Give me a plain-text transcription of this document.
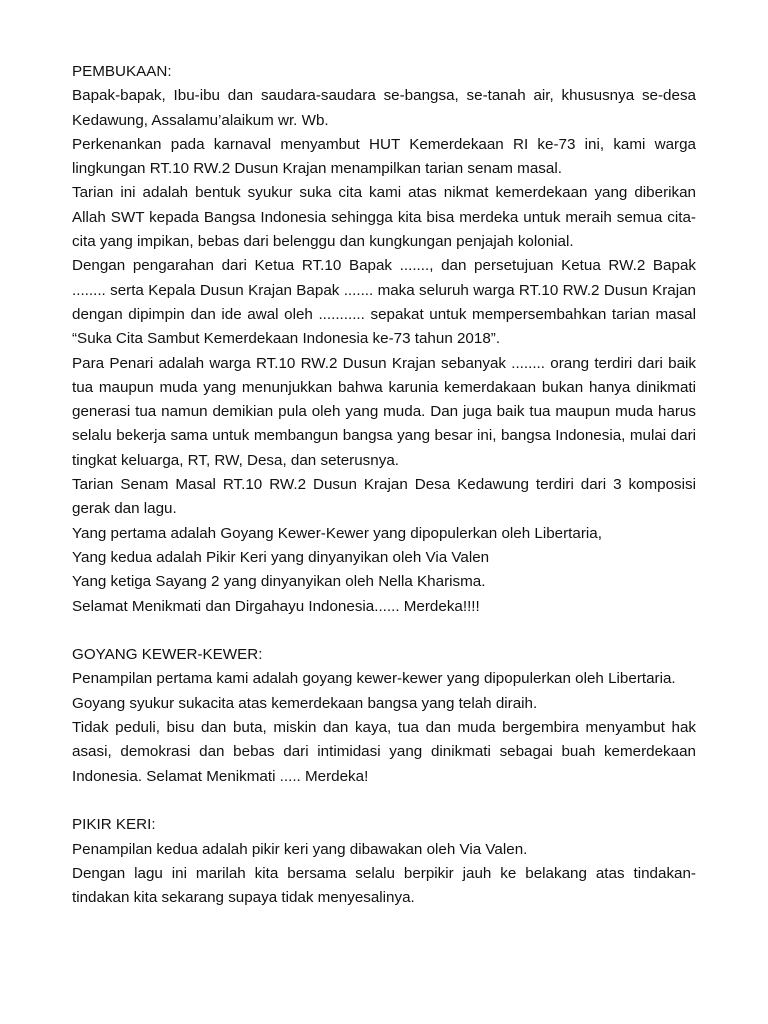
PEMBUKAAN:

Bapak-bapak, Ibu-ibu dan saudara-saudara se-bangsa, se-tanah air, khususnya se-desa Kedawung, Assalamu’alaikum wr. Wb.

Perkenankan pada karnaval menyambut HUT Kemerdekaan RI ke-73 ini, kami warga lingkungan RT.10 RW.2 Dusun Krajan menampilkan tarian senam masal.

Tarian ini adalah bentuk syukur suka cita kami atas nikmat kemerdekaan yang diberikan Allah SWT kepada Bangsa Indonesia sehingga kita bisa merdeka untuk meraih semua cita-cita yang impikan, bebas dari belenggu dan kungkungan penjajah kolonial.

Dengan pengarahan dari Ketua RT.10 Bapak ......., dan persetujuan Ketua RW.2 Bapak ........ serta Kepala Dusun Krajan Bapak ....... maka seluruh warga RT.10 RW.2 Dusun Krajan dengan dipimpin dan ide awal oleh ........... sepakat untuk mempersembahkan tarian masal “Suka Cita Sambut Kemerdekaan Indonesia ke-73 tahun 2018”.

Para Penari adalah warga RT.10 RW.2 Dusun Krajan sebanyak ........ orang terdiri dari baik tua maupun muda yang menunjukkan bahwa karunia kemerdakaan bukan hanya dinikmati generasi tua namun demikian pula oleh yang muda. Dan juga baik tua maupun muda harus selalu bekerja sama untuk membangun bangsa yang besar ini, bangsa Indonesia, mulai dari tingkat keluarga, RT, RW, Desa, dan seterusnya.

Tarian Senam Masal RT.10 RW.2 Dusun Krajan Desa Kedawung terdiri dari 3 komposisi gerak dan lagu.

Yang pertama adalah Goyang Kewer-Kewer yang dipopulerkan oleh Libertaria,

Yang kedua adalah Pikir Keri yang dinyanyikan oleh Via Valen

Yang ketiga Sayang 2 yang dinyanyikan oleh Nella Kharisma.

Selamat Menikmati dan Dirgahayu Indonesia...... Merdeka!!!!

GOYANG KEWER-KEWER:

Penampilan pertama kami adalah goyang kewer-kewer yang dipopulerkan oleh Libertaria.

Goyang syukur sukacita atas kemerdekaan bangsa yang telah diraih.

Tidak peduli, bisu dan buta, miskin dan kaya, tua dan muda bergembira menyambut hak asasi, demokrasi dan bebas dari intimidasi yang dinikmati sebagai buah kemerdekaan Indonesia. Selamat Menikmati ..... Merdeka!

PIKIR KERI:

Penampilan kedua adalah pikir keri yang dibawakan oleh Via Valen.

Dengan lagu ini marilah kita bersama selalu berpikir jauh ke belakang atas tindakan-tindakan kita sekarang supaya tidak menyesalinya.
